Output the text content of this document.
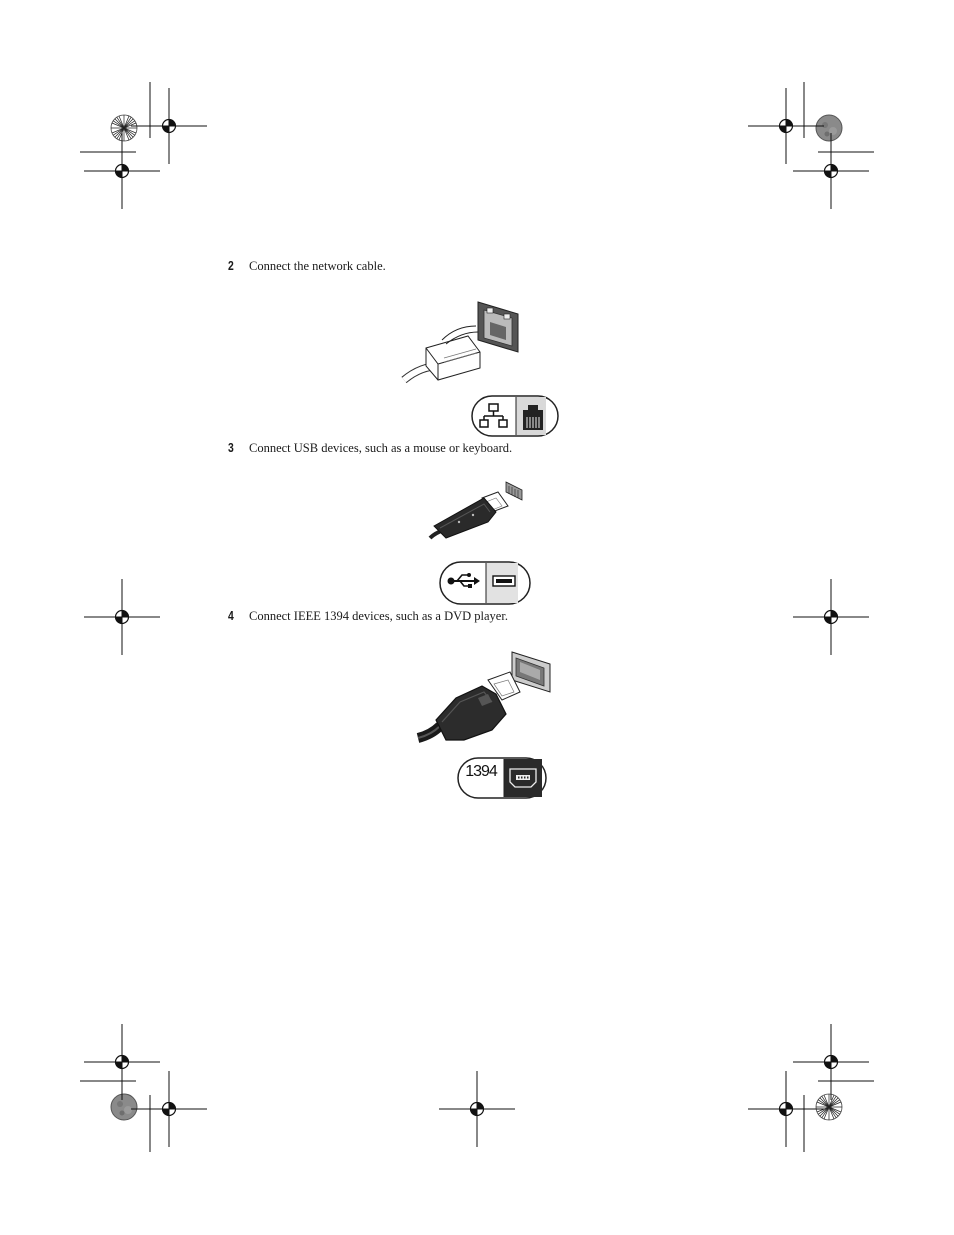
2	Connect the network cable.
3	Connect USB devices, such as a mouse or keyboard.
4	Connect IEEE 1394 devices, such as a DVD player.
1394
